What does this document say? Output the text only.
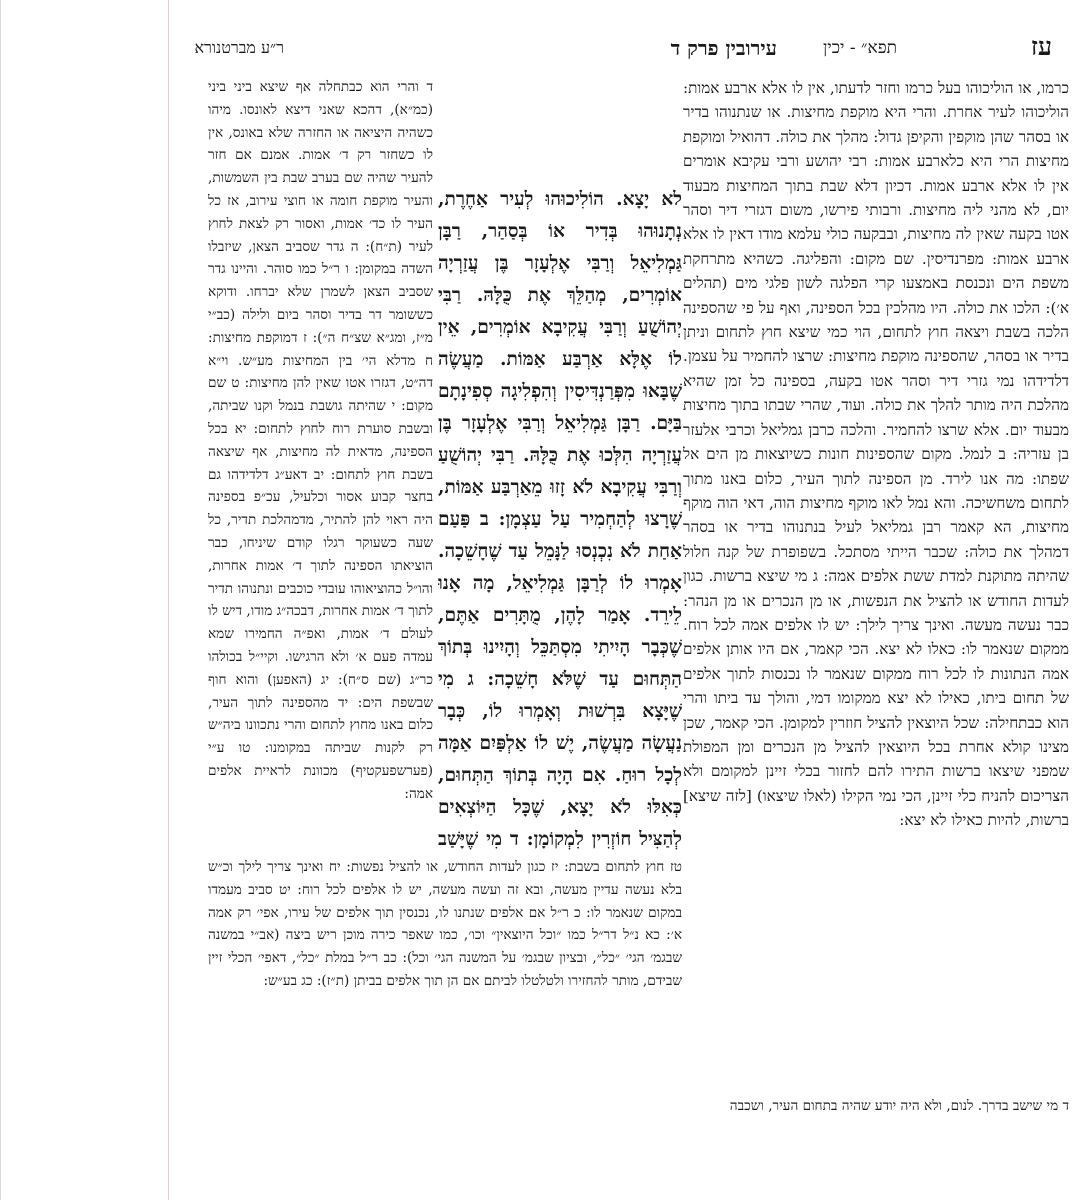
עז
עירובין פרק ד	תפא״ - יכין
ר״ע מברטנורא

כרמו, או הוליכוהו בעל כרמו וחזר לדעתו, אין לו אלא ארבע אמות: הוליכוהו לעיר אחרת. והרי היא מוקפת מחיצות. או שנתנוהו בדיר או בסהר שהן מוקפין והקיפן גדול: מהלך את כולה. דהואיל ומוקפת מחיצות הרי היא כלארבע אמות: רבי יהושע ורבי עקיבא אומרים אין לו אלא ארבע אמות. דכיון דלא שבת בתוך המחיצות מבעוד יום, לא מהני ליה מחיצות. ורבותי פירשו, משום דגזרי דיר וסהר אטו בקעה שאין לה מחיצות, ובבקעה כולי עלמא מודו דאין לו אלא ארבע אמות: מפרנדיסין. שם מקום: והפליגה. כשהיא מתרחקת משפת הים ונכנסת באמצעו קרי הפלגה לשון פלגי מים (תהלים א׳): הלכו את כולה. היו מהלכין בכל הספינה, ואף על פי שהספינה הלכה בשבת ויצאה חוץ לתחום, הוי כמי שיצא חוץ לתחום וניתן בדיר או בסהר, שהספינה מוקפת מחיצות: שרצו להחמיר על עצמן. דלדידהו נמי גזרי דיר וסהר אטו בקעה, בספינה כל זמן שהיא מהלכת היה מותר להלך את כולה. ועוד, שהרי שבתו בתוך מחיצות מבעוד יום. אלא שרצו להחמיר. והלכה כרבן גמליאל וכרבי אלעזר בן עזריה: ב לנמל. מקום שהספינות חונות כשיוצאות מן הים אל שפתו: מה אנו לירד. מן הספינה לתוך העיר, כלום באנו מתוך לתחום משחשיכה. והא נמל לאו מוקף מחיצות הוה, דאי הוה מוקף מחיצות, הא קאמר רבן גמליאל לעיל בנתנוהו בדיר או בסהר דמהלך את כולה: שכבר הייתי מסתכל. בשפופרת של קנה חלול שהיתה מתוקנת למדת ששת אלפים אמה: ג מי שיצא ברשות. כגון לעדות החודש או להציל את הנפשות, או מן הנכרים או מן הנהר: כבר נעשה מעשה. ואינך צריך לילך: יש לו אלפים אמה לכל רוח. ממקום שנאמר לו: כאלו לא יצא. הכי קאמר, אם היו אותן אלפים אמה הנתונות לו לכל רוח ממקום שנאמר לו נכנסות לתוך אלפים של תחום ביתו, כאילו לא יצא ממקומו דמי, והולך עד ביתו והרי הוא כבתחילה: שכל היוצאין להציל חוזרין למקומן. הכי קאמר, שכן מצינו קולא אחרת בכל היוצאין להציל מן הנכרים ומן המפולת שמפני שיצאו ברשות התירו להם לחזור בכלי זיינן למקומם ולא הצריכום להניח כלי זיינן, הכי נמי הקילו (לאלו שיצאו) [לזה שיצא] ברשות, להיות כאילו לא יצא:

לא יָצָא. הוֹלִיכוּהוּ לְעִיר אַחֶרֶת, נְתָנוּהוּ בְּדִיר אוֹ בְּסַהַר, רַבָּן גַּמְלִיאֵל וְרַבִּי אֶלְעָזָר בֶּן עֲזַרְיָה אוֹמְרִים, מְהַלֵּךְ אֶת כֻּלָּהּ. רַבִּי יְהוֹשֻׁעַ וְרַבִּי עֲקִיבָא אוֹמְרִים, אֵין לוֹ אֶלָּא אַרְבַּע אַמּוֹת. מַעֲשֶׂה שֶׁבָּאוּ מִפְּרַנְדִּיסִין וְהִפְלִיגָה סְפִינָתָם בַּיָּם. רַבָּן גַּמְלִיאֵל וְרַבִּי אֶלְעָזָר בֶּן עֲזַרְיָה הִלְּכוּ אֶת כֻּלָּהּ. רַבִּי יְהוֹשֻׁעַ וְרַבִּי עֲקִיבָא לֹא זָזוּ מֵאַרְבַּע אַמּוֹת, שֶׁרָצוּ לְהַחְמִיר עַל עַצְמָן: ב פַּעַם אַחַת לֹא נִכְנְסוּ לַנָּמֵל עַד שֶׁחָשֵׁכָה. אָמְרוּ לוֹ לְרַבָּן גַּמְלִיאֵל, מָה אָנוּ לֵירֵד. אָמַר לָהֶן, מֻתָּרִים אַתֶּם, שֶׁכְּבָר הָיִיתִי מִסְתַּכֵּל וְהָיִינוּ בְּתוֹךְ הַתְּחוּם עַד שֶׁלֹּא חָשֵׁכָה: ג מִי שֶׁיָּצָא בִּרְשׁוּת וְאָמְרוּ לוֹ, כְּבָר נַעֲשָׂה מַעֲשֶׂה, יֶשׁ לוֹ אַלְפַּיִם אַמָּה לְכָל רוּחַ. אִם הָיָה בְּתוֹךְ הַתְּחוּם, כְּאִלּוּ לֹא יָצָא, שֶׁכָּל הַיּוֹצְאִים לְהַצִּיל חוֹזְרִין לִמְקוֹמָן: ד מִי שֶׁיָּשַׁב

ד והרי הוא כבתחלה אף שיצא ביני ביני (כמ״א), דהכא שאני דיצא לאונסו. מיהו כשהיה היציאה או החזרה שלא באונס, אין לו כשחזר רק ד׳ אמות. אמנם אם חזר להעיר שהיה שם בערב שבת בין השמשות, והעיר מוקפת חומה או חוצי עירוב, אז כל העיר לו כד׳ אמות, ואסור רק לצאת לחוץ לעיר (ת״ח): ה גדר שסביב הצאן, שיזבלו השדה במקומן: ו ר״ל כמו סוהר. והיינו גדר שסביב הצאן לשמרן שלא יברחו. ודוקא כששומר דר בדיר וסהר ביום ולילה (כב״י מ״ז, ומג״א שצ״ח ה״): ז דמוקפת מחיצות: ח מדלא הי׳ בין המחיצות מע״ש. וי״א דה״ט, דגזרו אטו שאין להן מחיצות: ט שם מקום: י שהיתה גושבת בנמל וקנו שביתה, ובשבת סוערת רוח לחוץ לתחום: יא בכל הספינה, מדאית לה מחיצות, אף שיצאה בשבת חוץ לתחום: יב דאע״ג דלדידהו גם בחצר קבוע אסור וכלעיל, עכ״פ בספינה היה ראוי להן להתיר, מדמהלכת תדיר, כל שעה כשעוקר רגלו קודם שיניחו, כבר הוציאתו הספינה לתוך ד׳ אמות אחרות, והו״ל כהוציאוהו עובדי כוכבים ונתנוהו תדיר לתוך ד׳ אמות אחרות, דבכה״ג מודו, דיש לו לעולם ד׳ אמות, ואפ״ה החמירו שמא עמדה פעם א׳ ולא הרגישו. וקיי״ל בכולהו כר״ג (שם ס״ח): יג (האפען) והוא חוף שבשפת הים: יד מהספינה לתוך העיר, כלום באנו מחוץ לתחום והרי נתכוונו ביה״ש רק לקנות שביתה במקומנו: טו ע״י (פערשפעקטיף) מכוונת לראיית אלפים אמה:

טז חוץ לתחום בשבת: יז כגון לעדות החודש, או להציל נפשות: יח ואינך צריך לילך וכ״ש בלא נעשה עדיין מעשה, ובא זה ועשה מעשה, יש לו אלפים לכל רוח: יט סביב מעמדו במקום שנאמר לו: כ ר״ל אם אלפים שנתנו לו, נכנסין תוך אלפים של עירו, אפי׳ רק אמה א׳: כא נ״ל דר״ל כמו ״וכל היוצאין״ וכו׳, כמו שאפר כירה מוכן ריש ביצה (אב״י במשנה שבגמ׳ הגי׳ ״כל״, ובציון שבגמ׳ על המשנה הגי׳ וכל): כב ר״ל במלת ״כל״, דאפי׳ הכלי זיין שבידם, מותר להחזירו ולטלטלו לביתם אם הן תוך אלפים בביתן (ת״ז): כג בע״ש:

ד מי שישב בדרך. לנום, ולא היה יודע שהיה בתחום העיר, ושכבה
